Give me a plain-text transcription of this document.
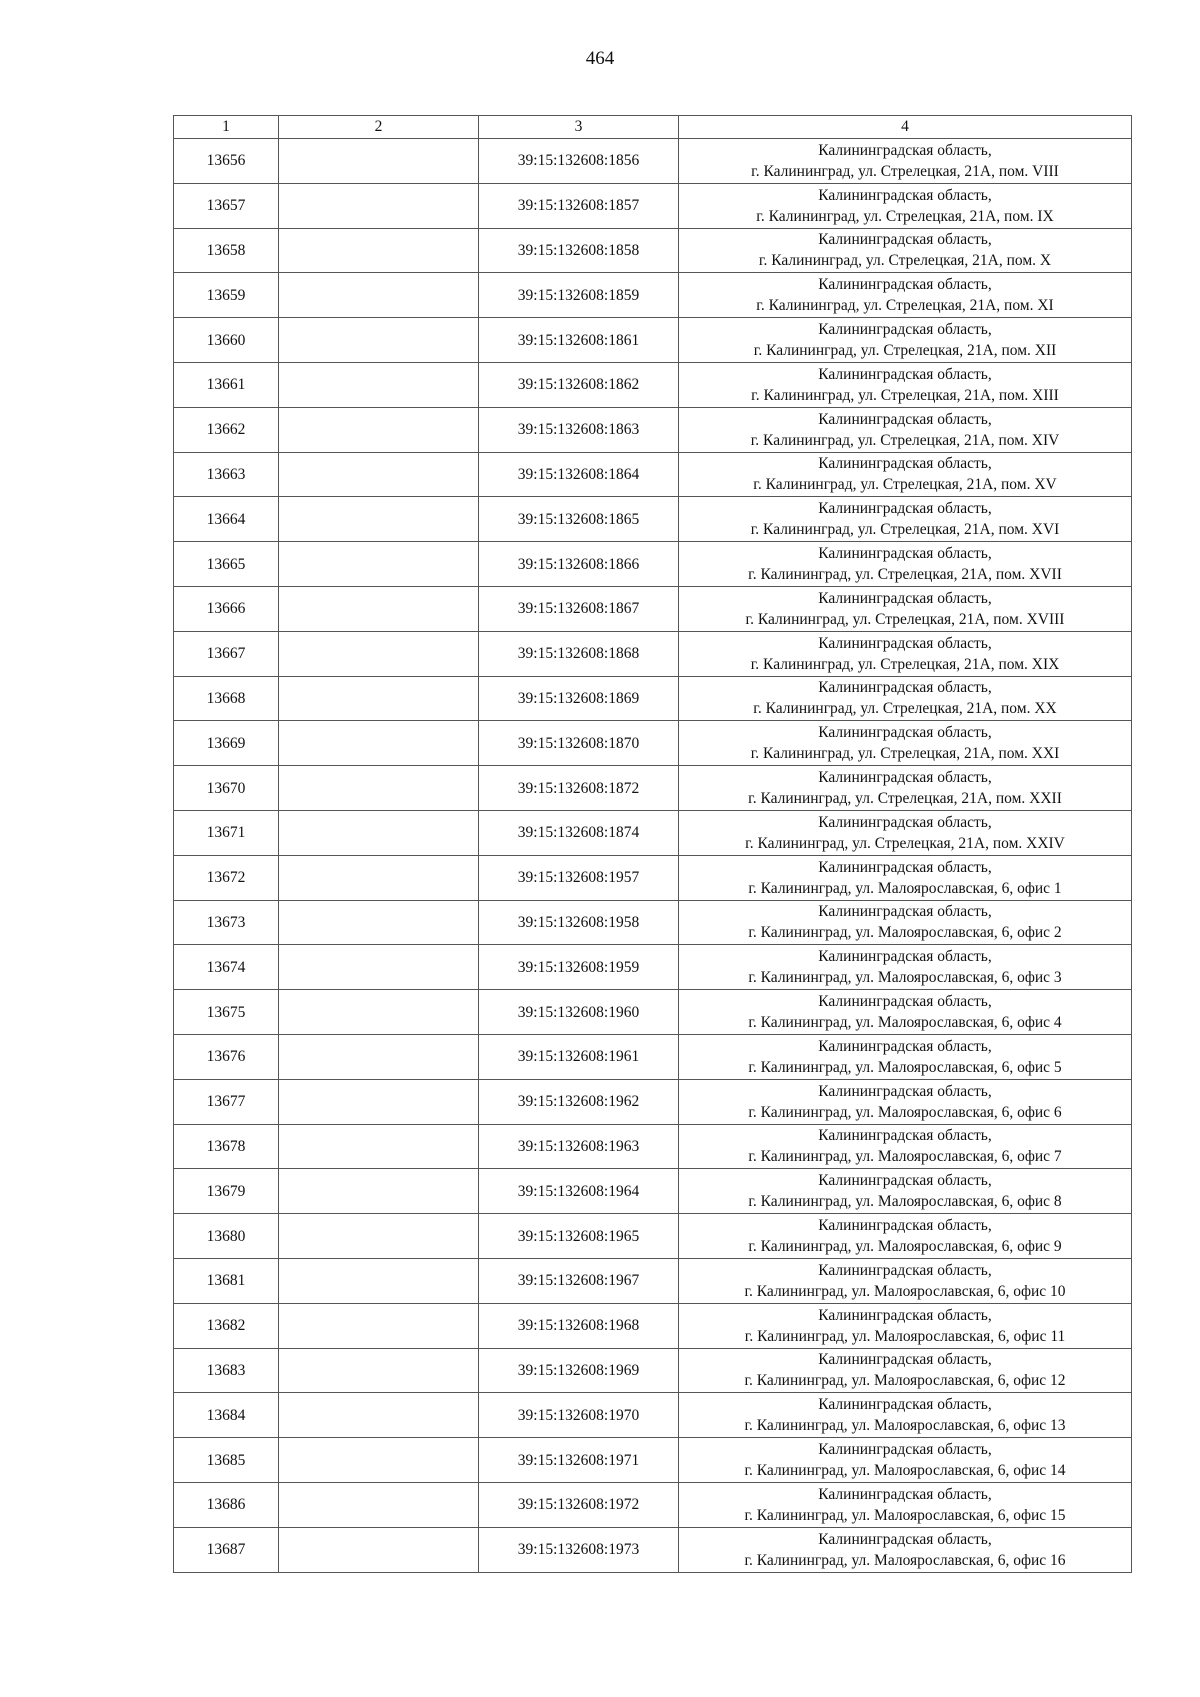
464
1	2	3	4
13656		39:15:132608:1856	Калининградская область,
г. Калининград, ул. Стрелецкая, 21А, пом. VIII

13657		39:15:132608:1857	Калининградская область,
г. Калининград, ул. Стрелецкая, 21А, пом. IX

13658		39:15:132608:1858	Калининградская область,
г. Калининград, ул. Стрелецкая, 21А, пом. X

13659		39:15:132608:1859	Калининградская область,
г. Калининград, ул. Стрелецкая, 21А, пом. XI

13660		39:15:132608:1861	Калининградская область,
г. Калининград, ул. Стрелецкая, 21А, пом. XII

13661		39:15:132608:1862	Калининградская область,
г. Калининград, ул. Стрелецкая, 21А, пом. XIII

13662		39:15:132608:1863	Калининградская область,
г. Калининград, ул. Стрелецкая, 21А, пом. XIV

13663		39:15:132608:1864	Калининградская область,
г. Калининград, ул. Стрелецкая, 21А, пом. XV

13664		39:15:132608:1865	Калининградская область,
г. Калининград, ул. Стрелецкая, 21А, пом. XVI

13665		39:15:132608:1866	Калининградская область,
г. Калининград, ул. Стрелецкая, 21А, пом. XVII

13666		39:15:132608:1867	Калининградская область,
г. Калининград, ул. Стрелецкая, 21А, пом. XVIII

13667		39:15:132608:1868	Калининградская область,
г. Калининград, ул. Стрелецкая, 21А, пом. XIX

13668		39:15:132608:1869	Калининградская область,
г. Калининград, ул. Стрелецкая, 21А, пом. XX

13669		39:15:132608:1870	Калининградская область,
г. Калининград, ул. Стрелецкая, 21А, пом. XXI

13670		39:15:132608:1872	Калининградская область,
г. Калининград, ул. Стрелецкая, 21А, пом. XXII

13671		39:15:132608:1874	Калининградская область,
г. Калининград, ул. Стрелецкая, 21А, пом. XXIV

13672		39:15:132608:1957	Калининградская область,
г. Калининград, ул. Малоярославская, 6, офис 1

13673		39:15:132608:1958	Калининградская область,
г. Калининград, ул. Малоярославская, 6, офис 2

13674		39:15:132608:1959	Калининградская область,
г. Калининград, ул. Малоярославская, 6, офис 3

13675		39:15:132608:1960	Калининградская область,
г. Калининград, ул. Малоярославская, 6, офис 4

13676		39:15:132608:1961	Калининградская область,
г. Калининград, ул. Малоярославская, 6, офис 5

13677		39:15:132608:1962	Калининградская область,
г. Калининград, ул. Малоярославская, 6, офис 6

13678		39:15:132608:1963	Калининградская область,
г. Калининград, ул. Малоярославская, 6, офис 7

13679		39:15:132608:1964	Калининградская область,
г. Калининград, ул. Малоярославская, 6, офис 8

13680		39:15:132608:1965	Калининградская область,
г. Калининград, ул. Малоярославская, 6, офис 9

13681		39:15:132608:1967	Калининградская область,
г. Калининград, ул. Малоярославская, 6, офис 10

13682		39:15:132608:1968	Калининградская область,
г. Калининград, ул. Малоярославская, 6, офис 11

13683		39:15:132608:1969	Калининградская область,
г. Калининград, ул. Малоярославская, 6, офис 12

13684		39:15:132608:1970	Калининградская область,
г. Калининград, ул. Малоярославская, 6, офис 13

13685		39:15:132608:1971	Калининградская область,
г. Калининград, ул. Малоярославская, 6, офис 14

13686		39:15:132608:1972	Калининградская область,
г. Калининград, ул. Малоярославская, 6, офис 15

13687		39:15:132608:1973	Калининградская область,
г. Калининград, ул. Малоярославская, 6, офис 16
